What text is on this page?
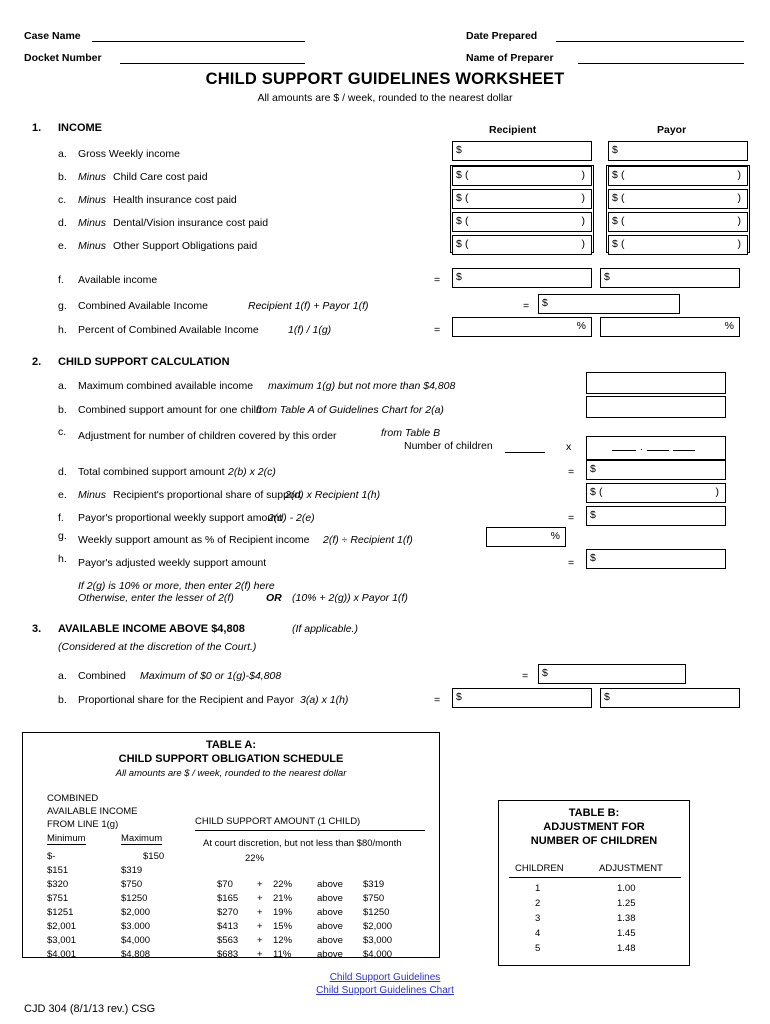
Case Name	Date Prepared
Docket Number	Name of Preparer
CHILD SUPPORT GUIDELINES WORKSHEET
All amounts are $ / week, rounded to the nearest dollar
1. INCOME	Recipient	Payor
a. Gross Weekly income	$	$
b. Minus Child Care cost paid	$ (	)	$ (	)
c. Minus Health insurance cost paid	$ (	)	$ (	)
d. Minus Dental/Vision insurance cost paid	$ (	)	$ (	)
e. Minus Other Support Obligations paid	$ (	)	$ (	)
f. Available income	= $	$
g. Combined Available Income	Recipient 1(f) + Payor 1(f)	= $
h. Percent of Combined Available Income	1(f) / 1(g)	=	%	%
2. CHILD SUPPORT CALCULATION
a. Maximum combined available income maximum 1(g) but not more than $4,808
b. Combined support amount for one child
from Table A of Guidelines Chart for 2(a)
c. Adjustment for number of children covered by this order	from Table B
Number of children	x	.
d. Total combined support amount 2(b) x 2(c)	= $
e. Minus Recipient's proportional share of support
2(d) x Recipient 1(h)	$ (	)
f. Payor's proportional weekly support amount
2(d) - 2(e)	= $
g. Weekly support amount as % of Recipient income 2(f) ÷ Recipient 1(f)	%
h. Payor's adjusted weekly support amount	= $
If 2(g) is 10% or more, then enter 2(f) here
Otherwise, enter the lesser of 2(f)	OR (10% + 2(g)) x Payor 1(f)
3. AVAILABLE INCOME ABOVE $4,808	(If applicable.)
(Considered at the discretion of the Court.)
a. Combined Maximum of $0 or 1(g)-$4,808	= $
b. Proportional share for the Recipient and Payor 3(a) x 1(h)	= $	$
TABLE A:
CHILD SUPPORT OBLIGATION SCHEDULE
All amounts are $ / week, rounded to the nearest dollar
COMBINED
AVAILABLE INCOME
FROM LINE 1(g)	CHILD SUPPORT AMOUNT (1 CHILD)
At court discretion, but not less than $80/month
Minimum	Maximum
22%
$-	$150
$151	$319
$320	$750	$70	+ 22%	above $319
$751	$1250	$165 + 21%	above $750
$1251	$2,000	$270 + 19%	above $1250
$2,001	$3.000	$413 + 15%	above $2,000
$3,001	$4,000	$563 + 12%	above $3,000
$4,001	$4,808	$683 + 11%	above $4,000
TABLE B:
ADJUSTMENT FOR
NUMBER OF CHILDREN
CHILDREN	ADJUSTMENT
1	1.00
2	1.25
3	1.38
4	1.45
5	1.48
Child Support Guidelines
Child Support Guidelines Chart
CJD 304 (8/1/13 rev.) CSG
